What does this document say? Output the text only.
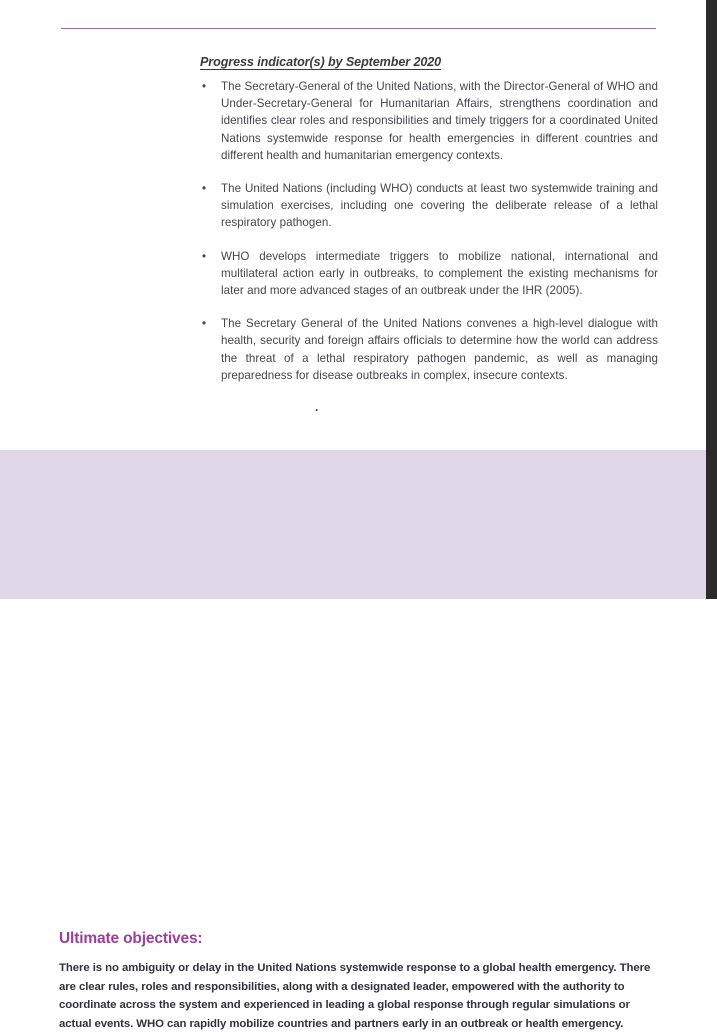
Progress indicator(s) by September 2020
•	The Secretary-General of the United Nations, with the Director-General of WHO and Under-Secretary-General for Humanitarian Affairs, strengthens coordination and identifies clear roles and responsibilities and timely triggers for a coordinated United Nations systemwide response for health emergencies in different countries and different health and humanitarian emergency contexts.
•	The United Nations (including WHO) conducts at least two systemwide training and simulation exercises, including one covering the deliberate release of a lethal respiratory pathogen.
•	WHO develops intermediate triggers to mobilize national, international and multilateral action early in outbreaks, to complement the existing mechanisms for later and more advanced stages of an outbreak under the IHR (2005).
•	The Secretary General of the United Nations convenes a high-level dialogue with health, security and foreign affairs officials to determine how the world can address the threat of a lethal respiratory pathogen pandemic, as well as managing preparedness for disease outbreaks in complex, insecure contexts.
.
Ultimate objectives:
There is no ambiguity or delay in the United Nations systemwide response to a global health emergency. There are clear rules, roles and responsibilities, along with a designated leader, empowered with the authority to coordinate across the system and experienced in leading a global response through regular simulations or actual events. WHO can rapidly mobilize countries and partners early in an outbreak or health emergency.
